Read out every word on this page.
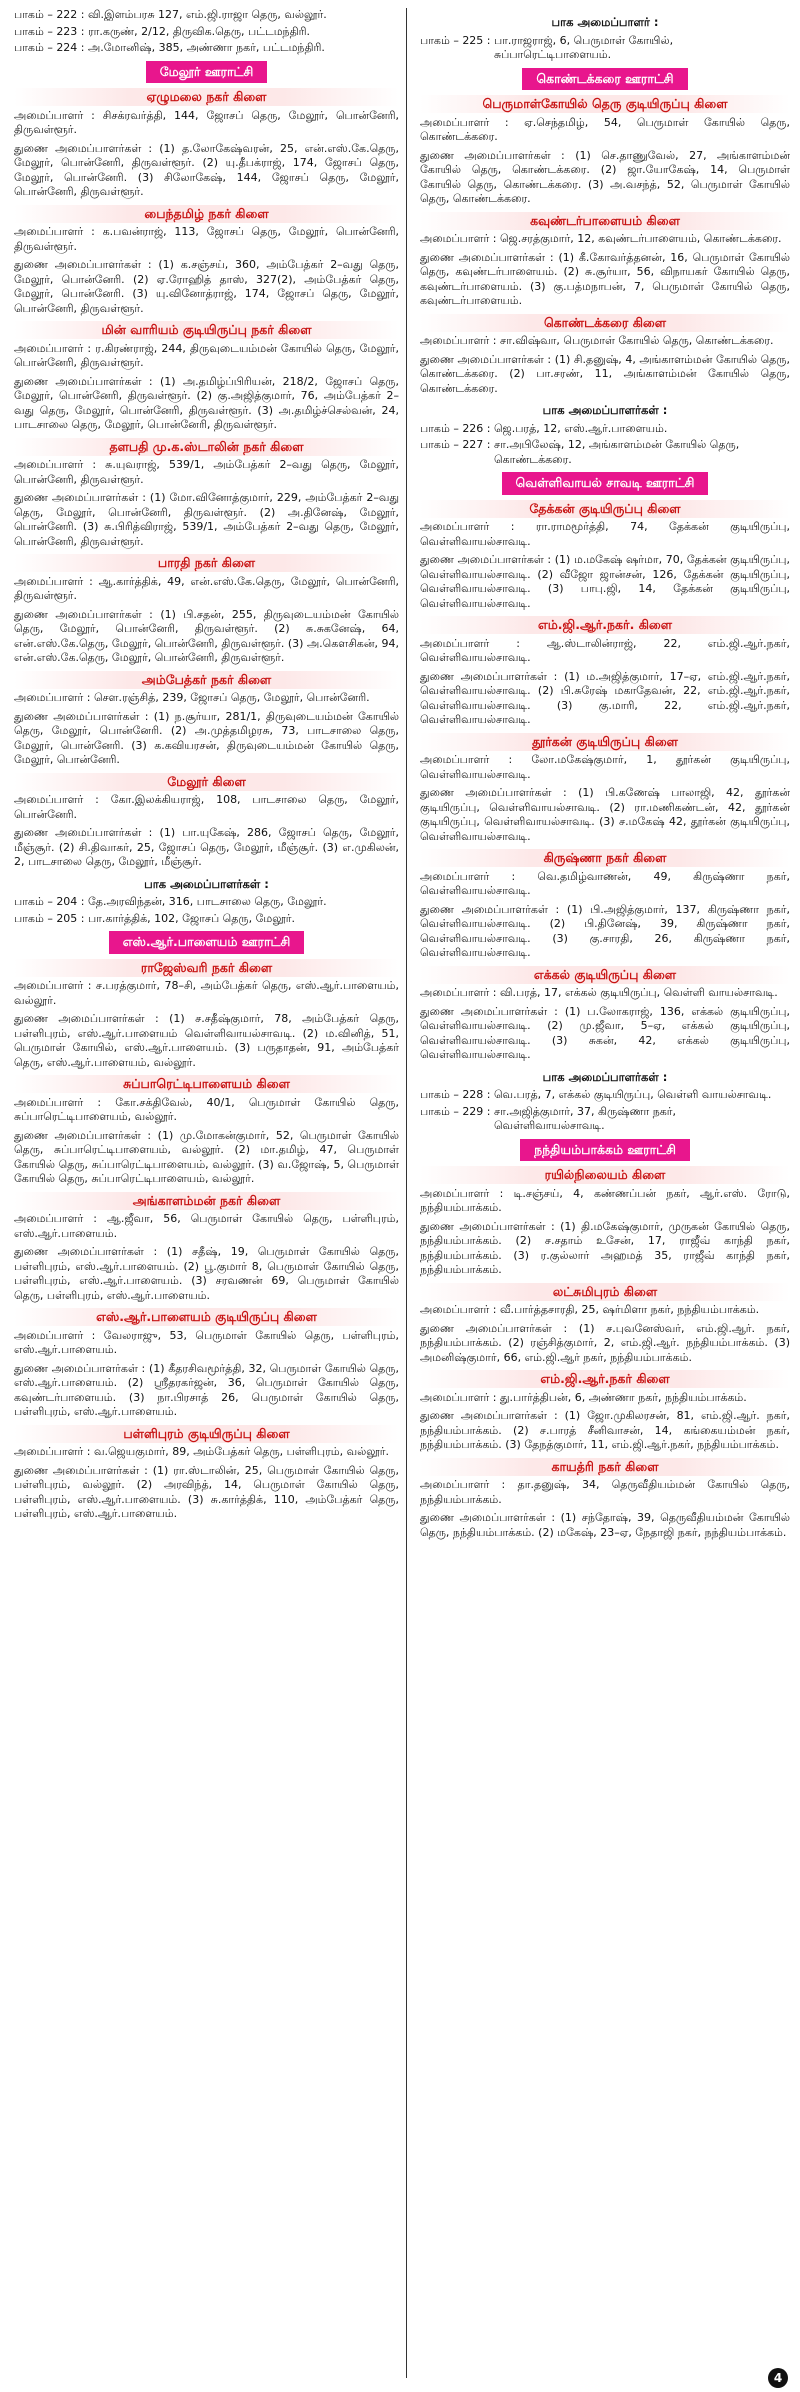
பாகம் – 222 : வி.இளம்பரசு 127, எம்.ஜி.ராஜா தெரு, வல்லூர்.
பாகம் – 223 : ரா.கருண், 2/12, திருவிக.தெரு, பட்டமந்திரி.
பாகம் – 224 : அ.மோனிஷ், 385, அண்ணா நகர், பட்டமந்திரி.
மேலூர் ஊராட்சி
ஏழுமலை நகர் கிளை

அமைப்பாளர் : சிசக்ரவர்த்தி, 144, ஜோசப் தெரு, மேலூர், பொன்னேரி, திருவள்ளூர்.

துணை அமைப்பாளர்கள் : (1) த.லோகேஷ்வரன், 25, என்.எஸ்.கே.தெரு, மேலூர், பொன்னேரி, திருவள்ளூர். (2) யு.தீபக்ராஜ், 174, ஜோசப் தெரு, மேலூர், பொன்னேரி. (3) சிலோகேஷ், 144, ஜோசப் தெரு, மேலூர், பொன்னேரி, திருவள்ளூர்.

பைந்தமிழ் நகர் கிளை

அமைப்பாளர் : க.பவன்ராஜ், 113, ஜோசப் தெரு, மேலூர், பொன்னேரி, திருவள்ளூர்.

துணை அமைப்பாளர்கள் : (1) க.சஞ்சய், 360, அம்பேத்கர் 2–வது தெரு, மேலூர், பொன்னேரி. (2) ஏ.ரோஹித் தாஸ், 327(2), அம்பேத்கர் தெரு, மேலூர், பொன்னேரி. (3) யு.வினோத்ராஜ், 174, ஜோசப் தெரு, மேலூர், பொன்னேரி, திருவள்ளூர்.

மின் வாரியம் குடியிருப்பு நகர் கிளை

அமைப்பாளர் : ர.கிரண்ராஜ், 244, திருவுடையம்மன் கோயில் தெரு, மேலூர், பொன்னேரி, திருவள்ளூர்.

துணை அமைப்பாளர்கள் : (1) அ.தமிழ்ப்பிரியன், 218/2, ஜோசப் தெரு, மேலூர், பொன்னேரி, திருவள்ளூர். (2) கு.அஜித்குமார், 76, அம்பேத்கர் 2–வது தெரு, மேலூர், பொன்னேரி, திருவள்ளூர். (3) அ.தமிழ்ச்செல்வன், 24, பாடசாலை தெரு, மேலூர், பொன்னேரி, திருவள்ளூர்.

தளபதி மு.க.ஸ்டாலின் நகர் கிளை

அமைப்பாளர் : சு.யுவராஜ், 539/1, அம்பேத்கர் 2–வது தெரு, மேலூர், பொன்னேரி, திருவள்ளூர்.

துணை அமைப்பாளர்கள் : (1) மோ.வினோத்குமார், 229, அம்பேத்கர் 2–வது தெரு, மேலூர், பொன்னேரி, திருவள்ளூர். (2) அ.தினேஷ், மேலூர், பொன்னேரி. (3) சு.பிரித்விராஜ், 539/1, அம்பேத்கர் 2–வது தெரு, மேலூர், பொன்னேரி, திருவள்ளூர்.

பாரதி நகர் கிளை

அமைப்பாளர் : ஆ.கார்த்திக், 49, என்.எஸ்.கே.தெரு, மேலூர், பொன்னேரி, திருவள்ளூர்.

துணை அமைப்பாளர்கள் : (1) பி.சதன், 255, திருவுடையம்மன் கோயில் தெரு, மேலூர், பொன்னேரி, திருவள்ளூர். (2) சு.சுகனேஷ், 64, என்.எஸ்.கே.தெரு, மேலூர், பொன்னேரி, திருவள்ளூர். (3) அ.கௌசிகன், 94, என்.எஸ்.கே.தெரு, மேலூர், பொன்னேரி, திருவள்ளூர்.

அம்பேத்கர் நகர் கிளை

அமைப்பாளர் : சௌ.ரஞ்சித், 239, ஜோசப் தெரு, மேலூர், பொன்னேரி.

துணை அமைப்பாளர்கள் : (1) ந.சூர்யா, 281/1, திருவுடையம்மன் கோயில் தெரு, மேலூர், பொன்னேரி. (2) அ.முத்தமிழரசு, 73, பாடசாலை தெரு, மேலூர், பொன்னேரி. (3) க.கவியரசன், திருவுடையம்மன் கோயில் தெரு, மேலூர், பொன்னேரி.

மேலூர் கிளை

அமைப்பாளர் : கோ.இலக்கியராஜ், 108, பாடசாலை தெரு, மேலூர், பொன்னேரி.

துணை அமைப்பாளர்கள் : (1) பா.யுகேஷ், 286, ஜோசப் தெரு, மேலூர், மீஞ்சூர். (2) சி.திவாகர், 25, ஜோசப் தெரு, மேலூர், மீஞ்சூர். (3) எ.முகிலன், 2, பாடசாலை தெரு, மேலூர், மீஞ்சூர்.

பாக அமைப்பாளர்கள் :
பாகம் – 204 : தே.அரவிந்தன், 316, பாடசாலை தெரு, மேலூர்.
பாகம் – 205 : பா.கார்த்திக், 102, ஜோசப் தெரு, மேலூர்.
எஸ்.ஆர்.பாளையம் ஊராட்சி
ராஜேஸ்வரி நகர் கிளை

அமைப்பாளர் : ச.பரத்குமார், 78–சி, அம்பேத்கர் தெரு, எஸ்.ஆர்.பாளையம், வல்லூர்.

துணை அமைப்பாளர்கள் : (1) ச.சதீஷ்குமார், 78, அம்பேத்கர் தெரு, பள்ளிபுரம், எஸ்.ஆர்.பாளையம் வெள்ளிவாயல்சாவடி. (2) ம.வினித், 51, பெருமாள் கோயில், எஸ்.ஆர்.பாளையம். (3) பருதாதன், 91, அம்பேத்கர் தெரு, எஸ்.ஆர்.பாளையம், வல்லூர்.

சுப்பாரெட்டிபாளையம் கிளை

அமைப்பாளர் : கோ.சக்திவேல், 40/1, பெருமாள் கோயில் தெரு, சுப்பாரெட்டிபாளையம், வல்லூர்.

துணை அமைப்பாளர்கள் : (1) மு.மோகன்குமார், 52, பெருமாள் கோயில் தெரு, சுப்பாரெட்டிபாளையம், வல்லூர். (2) மா.தமிழ், 47, பெருமாள் கோயில் தெரு, சுப்பாரெட்டிபாளையம், வல்லூர். (3) வ.ஜோஷ், 5, பெருமாள் கோயில் தெரு, சுப்பாரெட்டிபாளையம், வல்லூர்.

அங்காளம்மன் நகர் கிளை

அமைப்பாளர் : ஆ.ஜீவா, 56, பெருமாள் கோயில் தெரு, பள்ளிபுரம், எஸ்.ஆர்.பாளையம்.

துணை அமைப்பாளர்கள் : (1) சதீஷ், 19, பெருமாள் கோயில் தெரு, பள்ளிபுரம், எஸ்.ஆர்.பாளையம். (2) பூ.குமார் 8, பெருமாள் கோயில் தெரு, பள்ளிபுரம், எஸ்.ஆர்.பாளையம். (3) சரவணன் 69, பெருமாள் கோயில் தெரு, பள்ளிபுரம், எஸ்.ஆர்.பாளையம்.

எஸ்.ஆர்.பாளையம் குடியிருப்பு கிளை

அமைப்பாளர் : வேலராஜு, 53, பெருமாள் கோயில் தெரு, பள்ளிபுரம், எஸ்.ஆர்.பாளையம்.

துணை அமைப்பாளர்கள் : (1) கீதரசிவமூர்த்தி, 32, பெருமாள் கோயில் தெரு, எஸ்.ஆர்.பாளையம். (2) ஸ்ரீதரகர்ஜன், 36, பெருமாள் கோயில் தெரு, கவுண்டர்பாளையம். (3) நா.பிரசாத் 26, பெருமாள் கோயில் தெரு, பள்ளிபுரம், எஸ்.ஆர்.பாளையம்.

பள்ளிபுரம் குடியிருப்பு கிளை

அமைப்பாளர் : வ.ஜெயகுமார், 89, அம்பேத்கர் தெரு, பள்ளிபுரம், வல்லூர்.

துணை அமைப்பாளர்கள் : (1) ரா.ஸ்டாலின், 25, பெருமாள் கோயில் தெரு, பள்ளிபுரம், வல்லூர். (2) அரவிந்த், 14, பெருமாள் கோயில் தெரு, பள்ளிபுரம், எஸ்.ஆர்.பாளையம். (3) சு.கார்த்திக், 110, அம்பேத்கர் தெரு, பள்ளிபுரம், எஸ்.ஆர்.பாளையம்.

பாக அமைப்பாளர் :
பாகம் – 225 : பா.ராஜராஜ், 6, பெருமாள் கோயில், சுப்பாரெட்டிபாளையம்.
கொண்டக்கரை ஊராட்சி
பெருமாள்கோயில் தெரு குடியிருப்பு கிளை

அமைப்பாளர் : ஏ.செந்தமிழ், 54, பெருமாள் கோயில் தெரு, கொண்டக்கரை.

துணை அமைப்பாளர்கள் : (1) செ.தாணுவேல், 27, அங்காளம்மன் கோயில் தெரு, கொண்டக்கரை. (2) ஜா.யோகேஷ், 14, பெருமாள் கோயில் தெரு, கொண்டக்கரை. (3) அ.வசந்த், 52, பெருமாள் கோயில் தெரு, கொண்டக்கரை.

கவுண்டர்பாளையம் கிளை

அமைப்பாளர் : ஜெ.சரத்குமார், 12, கவுண்டர்பாளையம், கொண்டக்கரை.

துணை அமைப்பாளர்கள் : (1) கீ.கோவர்த்தனன், 16, பெருமாள் கோயில் தெரு, கவுண்டர்பாளையம். (2) சு.சூர்யா, 56, விநாயகர் கோயில் தெரு, கவுண்டர்பாளையம். (3) கு.பத்மநாபன், 7, பெருமாள் கோயில் தெரு, கவுண்டர்பாளையம்.

கொண்டக்கரை கிளை

அமைப்பாளர் : சா.விஷ்வா, பெருமாள் கோயில் தெரு, கொண்டக்கரை.

துணை அமைப்பாளர்கள் : (1) சி.தனுஷ், 4, அங்காளம்மன் கோயில் தெரு, கொண்டக்கரை. (2) பா.சரண், 11, அங்காளம்மன் கோயில் தெரு, கொண்டக்கரை.

பாக அமைப்பாளர்கள் :
பாகம் – 226 : ஜெ.பரத், 12, எஸ்.ஆர்.பாளையம்.
பாகம் – 227 : சா.அபிலேஷ், 12, அங்காளம்மன் கோயில் தெரு, கொண்டக்கரை.
வெள்ளிவாயல் சாவடி ஊராட்சி
தேக்கன் குடியிருப்பு கிளை

அமைப்பாளர் : ரா.ராமமூர்த்தி, 74, தேக்கன் குடியிருப்பு, வெள்ளிவாயல்சாவடி.

துணை அமைப்பாளர்கள் : (1) ம.மகேஷ் ஷர்மா, 70, தேக்கன் குடியிருப்பு, வெள்ளிவாயல்சாவடி. (2) வீஜோ ஜான்சன், 126, தேக்கன் குடியிருப்பு, வெள்ளிவாயல்சாவடி. (3) பாபு.ஜி, 14, தேக்கன் குடியிருப்பு, வெள்ளிவாயல்சாவடி.

எம்.ஜி.ஆர்.நகர். கிளை

அமைப்பாளர் : ஆ.ஸ்டாலின்ராஜ், 22, எம்.ஜி.ஆர்.நகர், வெள்ளிவாயல்சாவடி.

துணை அமைப்பாளர்கள் : (1) ம.அஜித்குமார், 17–ஏ, எம்.ஜி.ஆர்.நகர், வெள்ளிவாயல்சாவடி. (2) பி.சுரேஷ் மகாதேவன், 22, எம்.ஜி.ஆர்.நகர், வெள்ளிவாயல்சாவடி. (3) கு.மாரி, 22, எம்.ஜி.ஆர்.நகர், வெள்ளிவாயல்சாவடி.

தூர்கன் குடியிருப்பு கிளை

அமைப்பாளர் : லோ.மகேஷ்குமார், 1, தூர்கன் குடியிருப்பு, வெள்ளிவாயல்சாவடி.

துணை அமைப்பாளர்கள் : (1) பி.கணேஷ் பாலாஜி, 42, தூர்கன் குடியிருப்பு, வெள்ளிவாயல்சாவடி. (2) ரா.மணிகண்டன், 42, தூர்கன் குடியிருப்பு, வெள்ளிவாயல்சாவடி. (3) ச.மகேஷ் 42, தூர்கன் குடியிருப்பு, வெள்ளிவாயல்சாவடி.

கிருஷ்ணா நகர் கிளை

அமைப்பாளர் : வெ.தமிழ்வாணன், 49, கிருஷ்ணா நகர், வெள்ளிவாயல்சாவடி.

துணை அமைப்பாளர்கள் : (1) பி.அஜித்குமார், 137, கிருஷ்ணா நகர், வெள்ளிவாயல்சாவடி. (2) பி.தினேஷ், 39, கிருஷ்ணா நகர், வெள்ளிவாயல்சாவடி. (3) கு.சாரதி, 26, கிருஷ்ணா நகர், வெள்ளிவாயல்சாவடி.

எக்கல் குடியிருப்பு கிளை

அமைப்பாளர் : வி.பரத், 17, எக்கல் குடியிருப்பு, வெள்ளி வாயல்சாவடி.

துணை அமைப்பாளர்கள் : (1) ப.லோகராஜ், 136, எக்கல் குடியிருப்பு, வெள்ளிவாயல்சாவடி. (2) மு.ஜீவா, 5–ஏ, எக்கல் குடியிருப்பு, வெள்ளிவாயல்சாவடி. (3) சுகன், 42, எக்கல் குடியிருப்பு, வெள்ளிவாயல்சாவடி.

பாக அமைப்பாளர்கள் :
பாகம் – 228 : வெ.பரத், 7, எக்கல் குடியிருப்பு, வெள்ளி வாயல்சாவடி.
பாகம் – 229 : சா.அஜித்குமார், 37, கிருஷ்ணா நகர், வெள்ளிவாயல்சாவடி.
நந்தியம்பாக்கம் ஊராட்சி
ரயில்நிலையம் கிளை

அமைப்பாளர் : டி.சஞ்சய், 4, கண்ணப்பன் நகர், ஆர்.எஸ். ரோடு, நந்தியம்பாக்கம்.

துணை அமைப்பாளர்கள் : (1) தி.மகேஷ்குமார், முருகன் கோயில் தெரு, நந்தியம்பாக்கம். (2) ச.சதாம் உசேன், 17, ராஜீவ் காந்தி நகர், நந்தியம்பாக்கம். (3) ர.குல்லார் அஹமத் 35, ராஜீவ் காந்தி நகர், நந்தியம்பாக்கம்.

லட்சுமிபுரம் கிளை

அமைப்பாளர் : வீ.பார்த்தசாரதி, 25, ஷர்மிளா நகர், நந்தியம்பாக்கம்.

துணை அமைப்பாளர்கள் : (1) ச.புவனேஸ்வர், எம்.ஜி.ஆர். நகர், நந்தியம்பாக்கம். (2) ரஞ்சித்குமார், 2, எம்.ஜி.ஆர். நந்தியம்பாக்கம். (3) அமனிஷ்குமார், 66, எம்.ஜி.ஆர் நகர், நந்தியம்பாக்கம்.

எம்.ஜி.ஆர்.நகர் கிளை

அமைப்பாளர் : து.பார்த்திபன், 6, அண்ணா நகர், நந்தியம்பாக்கம்.

துணை அமைப்பாளர்கள் : (1) ஜோ.முகிலரசன், 81, எம்.ஜி.ஆர். நகர், நந்தியம்பாக்கம். (2) ச.பாரத் சீனிவாசன், 14, கங்கையம்மன் நகர், நந்தியம்பாக்கம். (3) தேநத்குமார், 11, எம்.ஜி.ஆர்.நகர், நந்தியம்பாக்கம்.

காயத்ரி நகர் கிளை

அமைப்பாளர் : தா.தனுஷ், 34, தெருவீதியம்மன் கோயில் தெரு, நந்தியம்பாக்கம்.

துணை அமைப்பாளர்கள் : (1) சந்தோஷ், 39, தெருவீதியம்மன் கோயில் தெரு, நந்தியம்பாக்கம். (2) மகேஷ், 23–ஏ, நேதாஜி நகர், நந்தியம்பாக்கம்.

4
